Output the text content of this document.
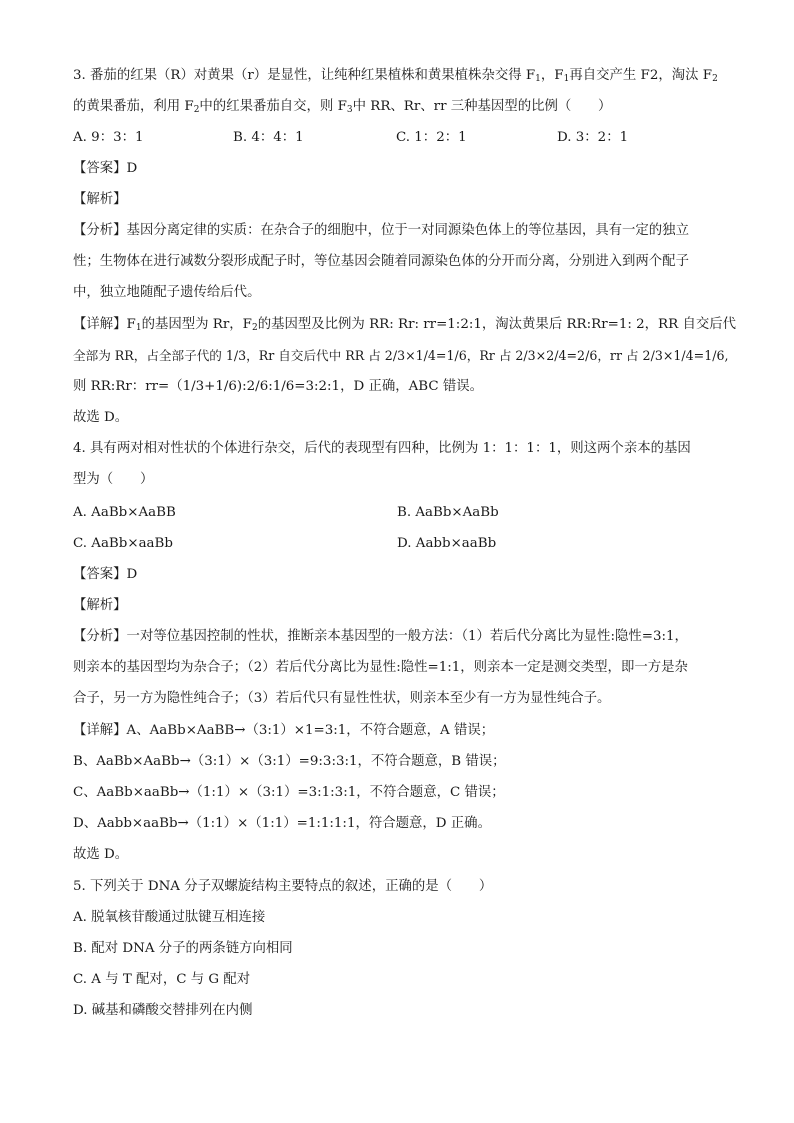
3. 番茄的红果（R）对黄果（r）是显性，让纯种红果植株和黄果植株杂交得 $F_1$，$F_1$再自交产生 F2，淘汰 $F_2$
的黄果番茄，利用 $F_2$中的红果番茄自交，则 $F_3$中 RR、Rr、rr 三种基因型的比例（　　）
A. 9：3：1	B. 4：4：1	C. 1：2：1	D. 3：2：1
【答案】D
【解析】
【分析】基因分离定律的实质：在杂合子的细胞中，位于一对同源染色体上的等位基因，具有一定的独立
性；生物体在进行减数分裂形成配子时，等位基因会随着同源染色体的分开而分离，分别进入到两个配子
中，独立地随配子遗传给后代。
【详解】$F_1$的基因型为 Rr，$F_2$的基因型及比例为 RR: Rr: rr=1:2:1，淘汰黄果后 RR:Rr=1: 2，RR 自交后代
全部为 RR，占全部子代的 1/3，Rr 自交后代中 RR 占 2/3×1/4=1/6，Rr 占 2/3×2/4=2/6，rr 占 2/3×1/4=1/6,
则 RR:Rr：rr=（1/3+1/6):2/6:1/6=3:2:1，D 正确，ABC 错误。
故选 D。
4. 具有两对相对性状的个体进行杂交，后代的表现型有四种，比例为 1：1：1：1，则这两个亲本的基因
型为（　　）
A. AaBb×AaBB	B. AaBb×AaBb
C. AaBb×aaBb	D. Aabb×aaBb
【答案】D
【解析】
【分析】一对等位基因控制的性状，推断亲本基因型的一般方法：（1）若后代分离比为显性:隐性=3:1，
则亲本的基因型均为杂合子；（2）若后代分离比为显性:隐性=1:1，则亲本一定是测交类型，即一方是杂
合子，另一方为隐性纯合子；（3）若后代只有显性性状，则亲本至少有一方为显性纯合子。
【详解】A、AaBb×AaBB→（3:1）×1=3:1，不符合题意，A 错误；
B、AaBb×AaBb→（3:1）×（3:1）=9:3:3:1，不符合题意，B 错误；
C、AaBb×aaBb→（1:1）×（3:1）=3:1:3:1，不符合题意，C 错误；
D、Aabb×aaBb→（1:1）×（1:1）=1:1:1:1，符合题意，D 正确。
故选 D。
5. 下列关于 DNA 分子双螺旋结构主要特点的叙述，正确的是（　　）
A. 脱氧核苷酸通过肽键互相连接
B. 配对 DNA 分子的两条链方向相同
C. A 与 T 配对，C 与 G 配对
D. 碱基和磷酸交替排列在内侧
